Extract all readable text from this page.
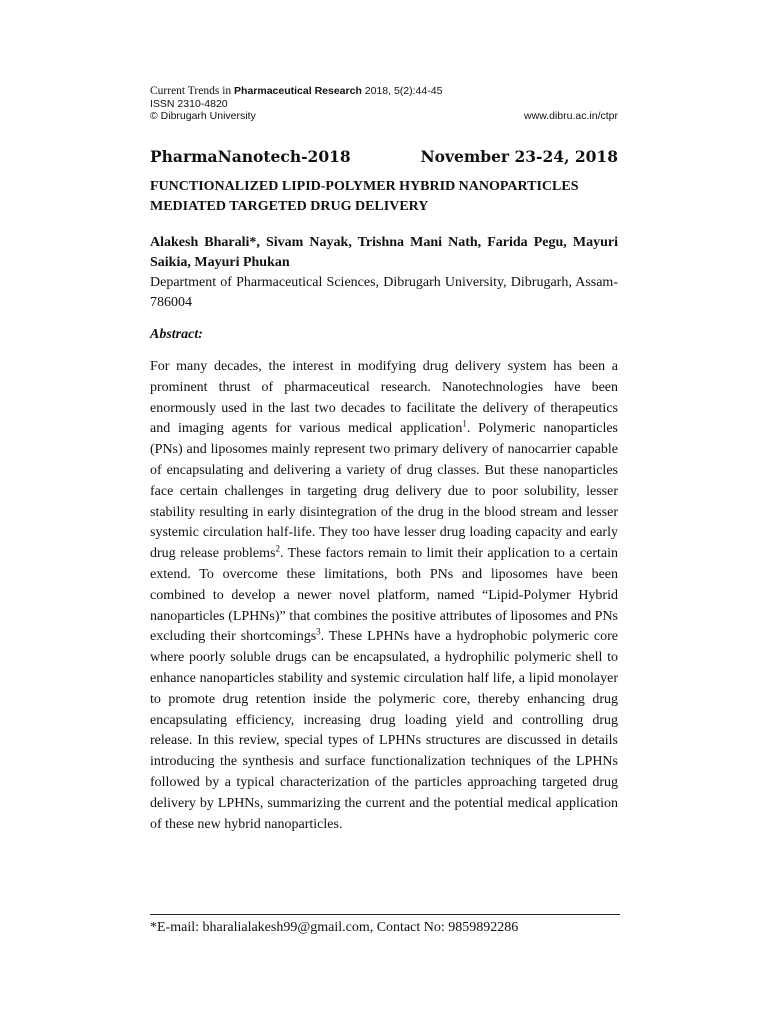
Current Trends in Pharmaceutical Research 2018, 5(2):44-45
ISSN 2310-4820
© Dibrugarh University	www.dibru.ac.in/ctpr
PharmaNanotech-2018	November 23-24, 2018
FUNCTIONALIZED LIPID-POLYMER HYBRID NANOPARTICLES
MEDIATED TARGETED DRUG DELIVERY
Alakesh Bharali*, Sivam Nayak, Trishna Mani Nath, Farida Pegu, Mayuri Saikia, Mayuri Phukan
Department of Pharmaceutical Sciences, Dibrugarh University, Dibrugarh, Assam-786004
Abstract:
For many decades, the interest in modifying drug delivery system has been a prominent thrust of pharmaceutical research. Nanotechnologies have been enormously used in the last two decades to facilitate the delivery of therapeutics and imaging agents for various medical application$^1$. Polymeric nanoparticles (PNs) and liposomes mainly represent two primary delivery of nanocarrier capable of encapsulating and delivering a variety of drug classes. But these nanoparticles face certain challenges in targeting drug delivery due to poor solubility, lesser stability resulting in early disintegration of the drug in the blood stream and lesser systemic circulation half-life. They too have lesser drug loading capacity and early drug release problems$^2$. These factors remain to limit their application to a certain extend. To overcome these limitations, both PNs and liposomes have been combined to develop a newer novel platform, named “Lipid-Polymer Hybrid nanoparticles (LPHNs)” that combines the positive attributes of liposomes and PNs excluding their shortcomings$^3$. These LPHNs have a hydrophobic polymeric core where poorly soluble drugs can be encapsulated, a hydrophilic polymeric shell to enhance nanoparticles stability and systemic circulation half life, a lipid monolayer to promote drug retention inside the polymeric core, thereby enhancing drug encapsulating efficiency, increasing drug loading yield and controlling drug release. In this review, special types of LPHNs structures are discussed in details introducing the synthesis and surface functionalization techniques of the LPHNs followed by a typical characterization of the particles approaching targeted drug delivery by LPHNs, summarizing the current and the potential medical application of these new hybrid nanoparticles.
*E-mail: bharalialakesh99@gmail.com, Contact No: 9859892286
